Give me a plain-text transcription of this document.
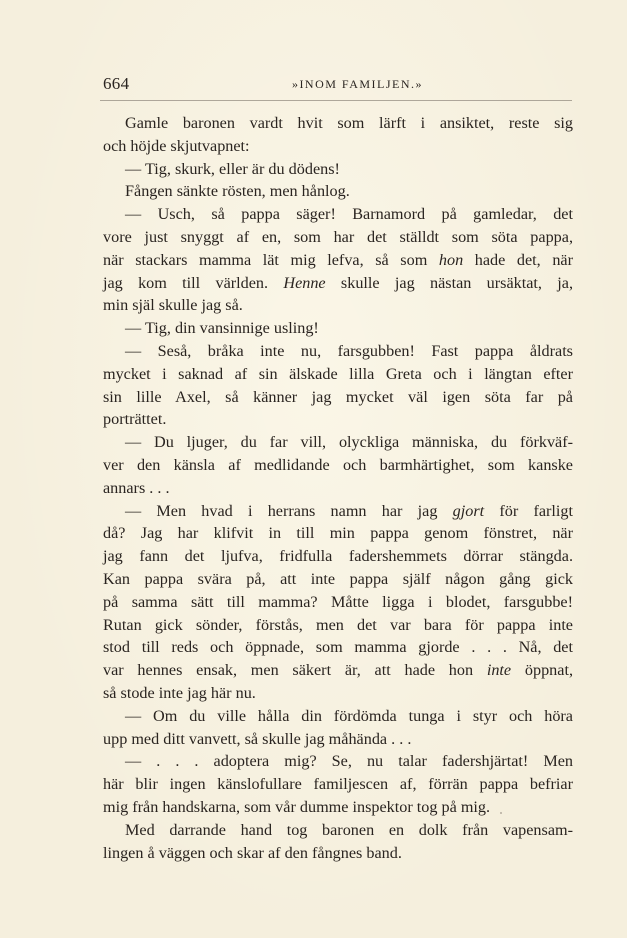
664	»INOM FAMILJEN.»
Gamle baronen vardt hvit som lärft i ansiktet, reste sig
och höjde skjutvapnet:
— Tig, skurk, eller är du dödens!
Fången sänkte rösten, men hånlog.
— Usch, så pappa säger! Barnamord på gamledar, det
vore just snyggt af en, som har det ställdt som söta pappa,
när stackars mamma lät mig lefva, så som hon hade det, när
jag kom till världen. Henne skulle jag nästan ursäktat, ja,
min själ skulle jag så.
— Tig, din vansinnige usling!
— Seså, bråka inte nu, farsgubben! Fast pappa åldrats
mycket i saknad af sin älskade lilla Greta och i längtan efter
sin lille Axel, så känner jag mycket väl igen söta far på
porträttet.
— Du ljuger, du far vill, olyckliga människa, du förkväf-
ver den känsla af medlidande och barmhärtighet, som kanske
annars . . .
— Men hvad i herrans namn har jag gjort för farligt
då? Jag har klifvit in till min pappa genom fönstret, när
jag fann det ljufva, fridfulla fadershemmets dörrar stängda.
Kan pappa svära på, att inte pappa själf någon gång gick
på samma sätt till mamma? Måtte ligga i blodet, farsgubbe!
Rutan gick sönder, förstås, men det var bara för pappa inte
stod till reds och öppnade, som mamma gjorde . . . Nå, det
var hennes ensak, men säkert är, att hade hon inte öppnat,
så stode inte jag här nu.
— Om du ville hålla din fördömda tunga i styr och höra
upp med ditt vanvett, så skulle jag måhända . . .
— . . . adoptera mig? Se, nu talar fadershjärtat! Men
här blir ingen känslofullare familjescen af, förrän pappa befriar
mig från handskarna, som vår dumme inspektor tog på mig.
Med darrande hand tog baronen en dolk från vapensam-
lingen å väggen och skar af den fångnes band.
